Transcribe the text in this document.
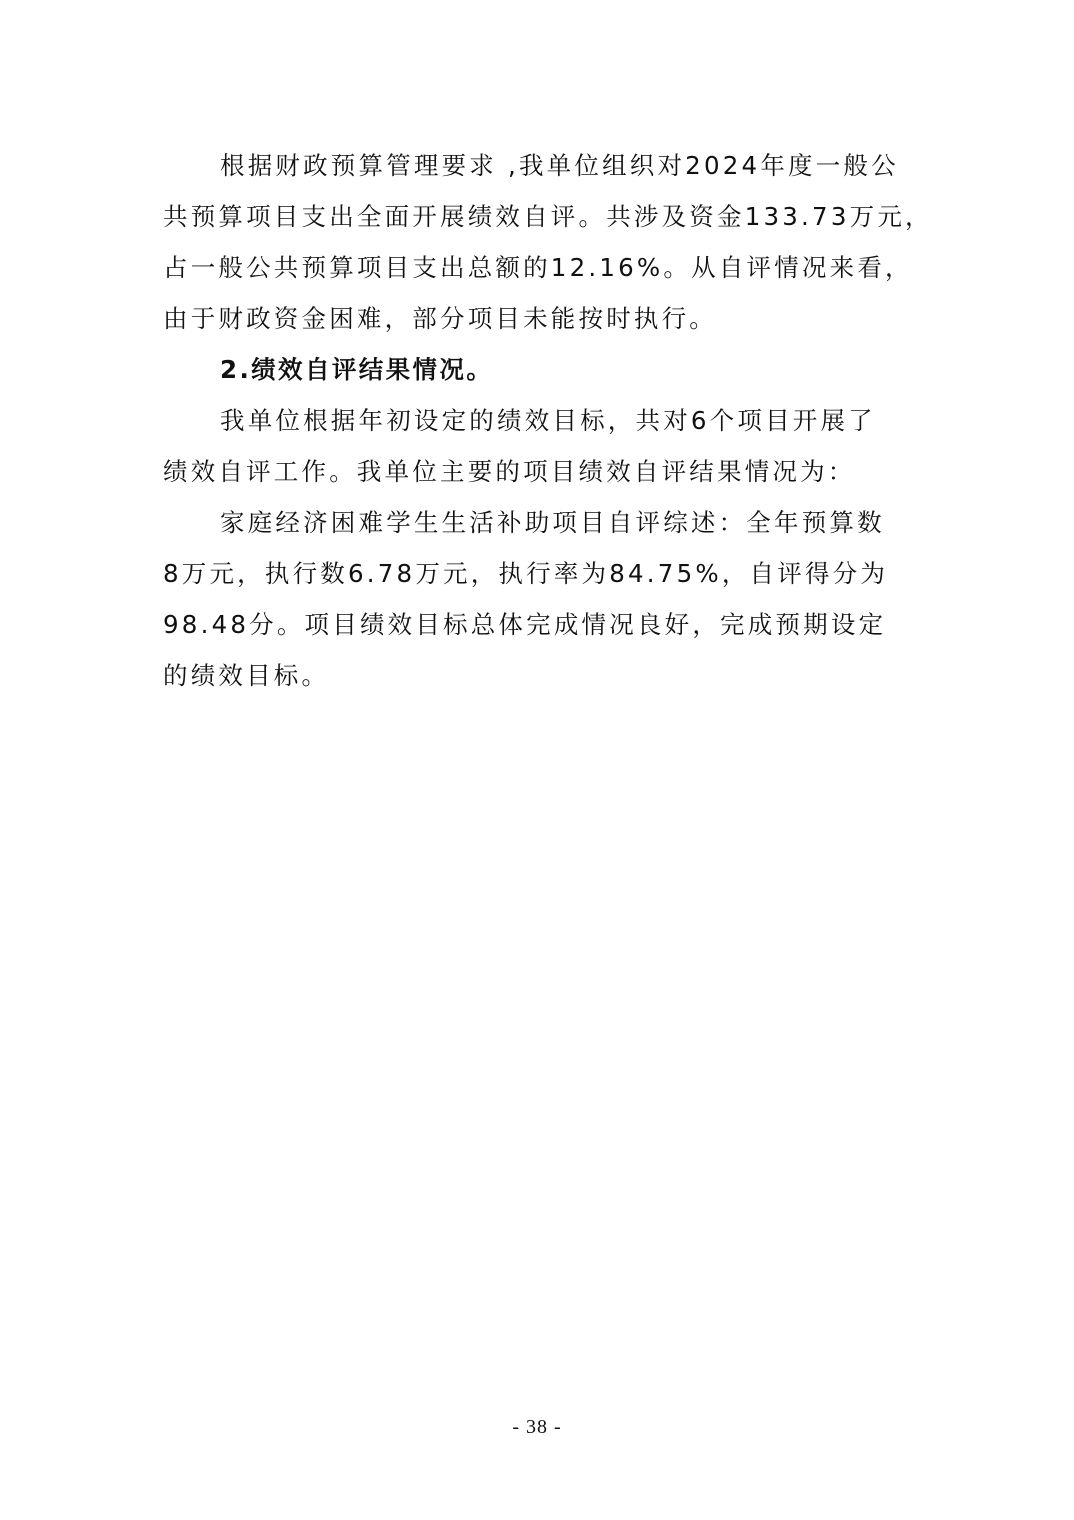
根据财政预算管理要求 ,我单位组织对2024年度一般公
共预算项目支出全面开展绩效自评。共涉及资金133.73万元，
占一般公共预算项目支出总额的12.16%。从自评情况来看，
由于财政资金困难，部分项目未能按时执行。
2.绩效自评结果情况。
我单位根据年初设定的绩效目标，共对6个项目开展了
绩效自评工作。我单位主要的项目绩效自评结果情况为：
家庭经济困难学生生活补助项目自评综述：全年预算数
8万元，执行数6.78万元，执行率为84.75%，自评得分为
98.48分。项目绩效目标总体完成情况良好，完成预期设定
的绩效目标。
- 38 -
